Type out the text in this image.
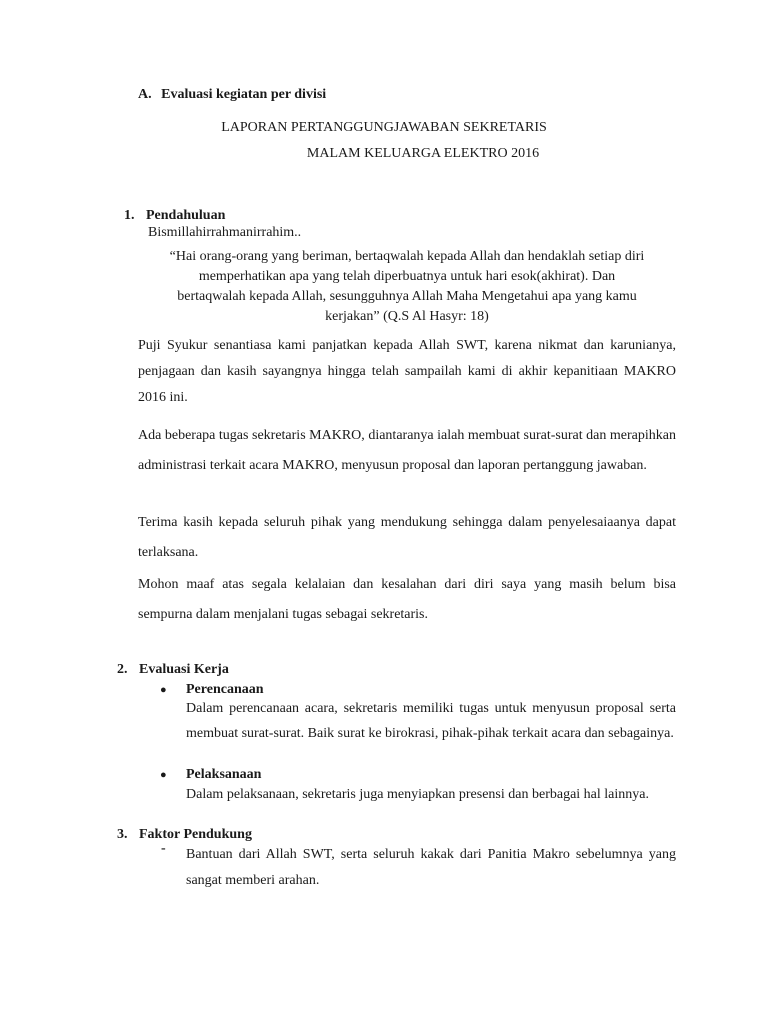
A. Evaluasi kegiatan per divisi
LAPORAN PERTANGGUNGJAWABAN SEKRETARIS
MALAM KELUARGA ELEKTRO 2016
1. Pendahuluan
Bismillahirrahmanirrahim..
“Hai orang-orang yang beriman, bertaqwalah kepada Allah dan hendaklah setiap diri
memperhatikan apa yang telah diperbuatnya untuk hari esok(akhirat). Dan
bertaqwalah kepada Allah, sesungguhnya Allah Maha Mengetahui apa yang kamu
kerjakan” (Q.S Al Hasyr: 18)

Puji Syukur senantiasa kami panjatkan kepada Allah SWT, karena nikmat dan karunianya, penjagaan dan kasih sayangnya hingga telah sampailah kami di akhir kepanitiaan MAKRO 2016 ini.

Ada beberapa tugas sekretaris MAKRO, diantaranya ialah membuat surat-surat dan merapihkan administrasi terkait acara MAKRO, menyusun proposal dan laporan pertanggung jawaban.

Terima kasih kepada seluruh pihak yang mendukung sehingga dalam penyelesaiaanya dapat terlaksana.

Mohon maaf atas segala kelalaian dan kesalahan dari diri saya yang masih belum bisa sempurna dalam menjalani tugas sebagai sekretaris.

2. Evaluasi Kerja
● Perencanaan

Dalam perencanaan acara, sekretaris memiliki tugas untuk menyusun proposal serta membuat surat-surat. Baik surat ke birokrasi, pihak-pihak terkait acara dan sebagainya.

● Pelaksanaan

Dalam pelaksanaan, sekretaris juga menyiapkan presensi dan berbagai hal lainnya.

3. Faktor Pendukung
- Bantuan dari Allah SWT, serta seluruh kakak dari Panitia Makro sebelumnya yang sangat memberi arahan.
